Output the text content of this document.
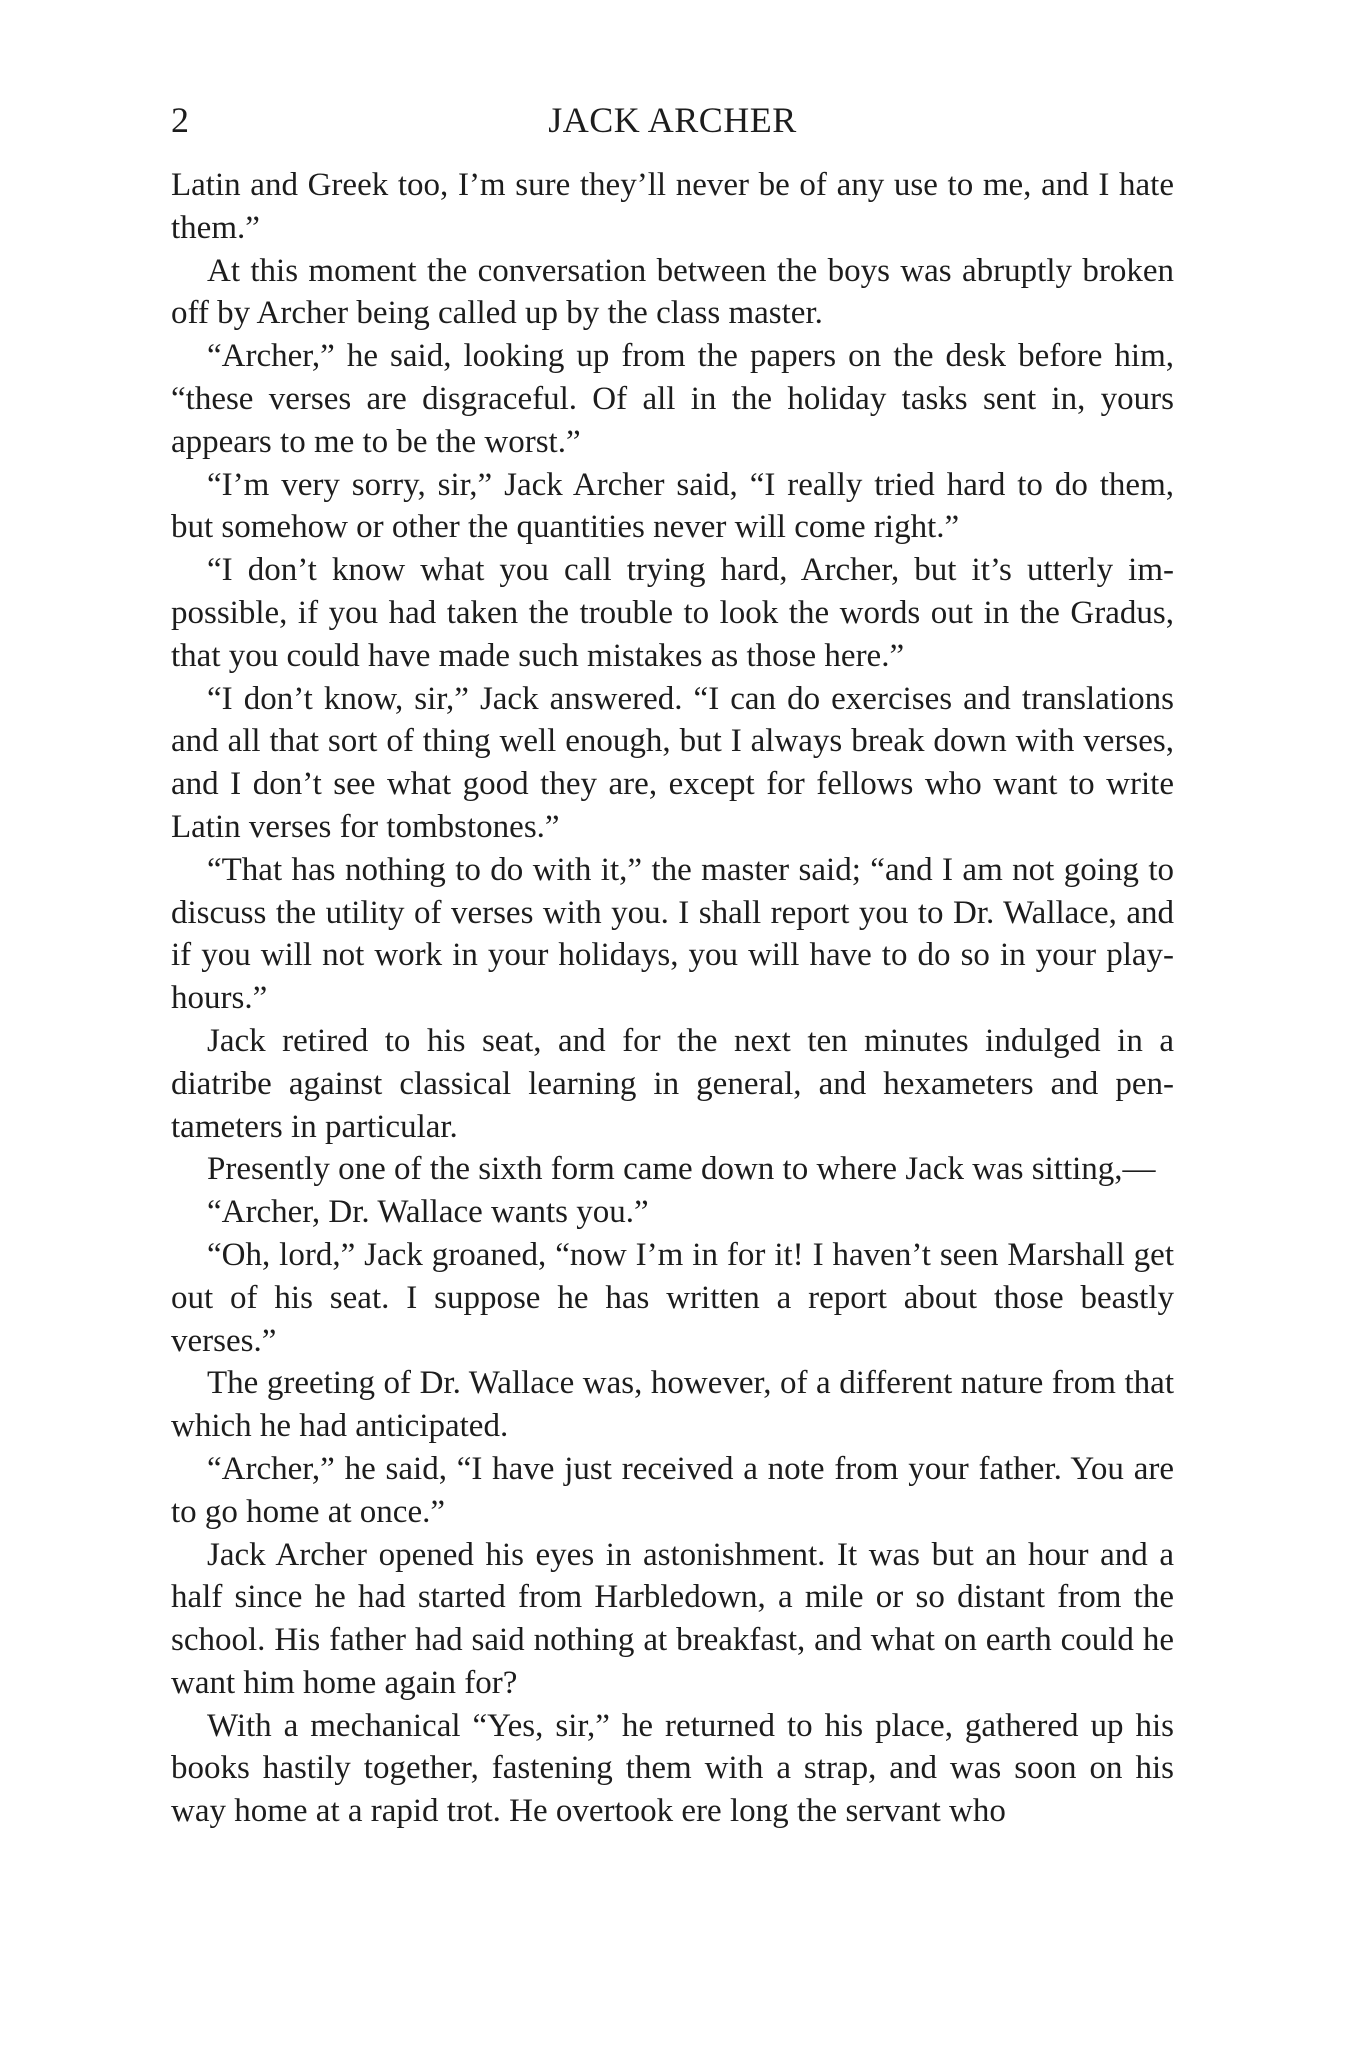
2	JACK ARCHER

Latin and Greek too, I’m sure they’ll never be of any use to me, and I hate them.”

At this moment the conversation between the boys was abruptly broken off by Archer being called up by the class master.

“Archer,” he said, looking up from the papers on the desk before him, “these verses are disgraceful. Of all in the holiday tasks sent in, yours appears to me to be the worst.”

“I’m very sorry, sir,” Jack Archer said, “I really tried hard to do them, but somehow or other the quantities never will come right.”

“I don’t know what you call trying hard, Archer, but it’s utterly impossible, if you had taken the trouble to look the words out in the Gradus, that you could have made such mistakes as those here.”

“I don’t know, sir,” Jack answered. “I can do exercises and translations and all that sort of thing well enough, but I always break down with verses, and I don’t see what good they are, except for fellows who want to write Latin verses for tombstones.”

“That has nothing to do with it,” the master said; “and I am not going to discuss the utility of verses with you. I shall report you to Dr. Wallace, and if you will not work in your holidays, you will have to do so in your play-hours.”

Jack retired to his seat, and for the next ten minutes indulged in a diatribe against classical learning in general, and hexameters and pentameters in particular.

Presently one of the sixth form came down to where Jack was sitting,—

“Archer, Dr. Wallace wants you.”

“Oh, lord,” Jack groaned, “now I’m in for it! I haven’t seen Marshall get out of his seat. I suppose he has written a report about those beastly verses.”

The greeting of Dr. Wallace was, however, of a different nature from that which he had anticipated.

“Archer,” he said, “I have just received a note from your father. You are to go home at once.”

Jack Archer opened his eyes in astonishment. It was but an hour and a half since he had started from Harbledown, a mile or so distant from the school. His father had said nothing at breakfast, and what on earth could he want him home again for?

With a mechanical “Yes, sir,” he returned to his place, gathered up his books hastily together, fastening them with a strap, and was soon on his way home at a rapid trot. He overtook ere long the servant who
